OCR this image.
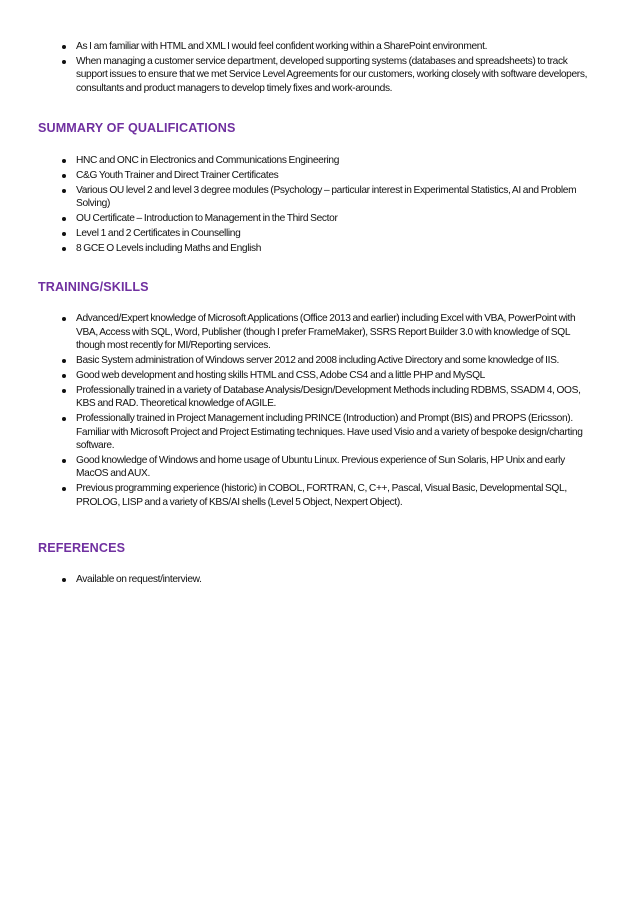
As I am familiar with HTML and XML I would feel confident working within a SharePoint environment.
When managing a customer service department, developed supporting systems (databases and spreadsheets) to track support issues to ensure that we met Service Level Agreements for our customers, working closely with software developers, consultants and product managers to develop timely fixes and work-arounds.
SUMMARY OF QUALIFICATIONS
HNC and ONC in Electronics and Communications Engineering
C&G Youth Trainer and Direct Trainer Certificates
Various OU level 2 and level 3 degree modules (Psychology – particular interest in Experimental Statistics, AI and Problem Solving)
OU Certificate – Introduction to Management in the Third Sector
Level 1 and 2 Certificates in Counselling
8 GCE O Levels including Maths and English
TRAINING/SKILLS
Advanced/Expert knowledge of Microsoft Applications (Office 2013 and earlier) including Excel with VBA, PowerPoint with VBA, Access with SQL, Word, Publisher (though I prefer FrameMaker), SSRS Report Builder 3.0 with knowledge of SQL though most recently for MI/Reporting services.
Basic System administration of Windows server 2012 and 2008 including Active Directory and some knowledge of IIS.
Good web development and hosting skills HTML and CSS, Adobe CS4 and a little PHP and MySQL
Professionally trained in a variety of Database Analysis/Design/Development Methods including RDBMS, SSADM 4, OOS, KBS and RAD. Theoretical knowledge of AGILE.
Professionally trained in Project Management including PRINCE (Introduction) and Prompt (BIS) and PROPS (Ericsson). Familiar with Microsoft Project and Project Estimating techniques. Have used Visio and a variety of bespoke design/charting software.
Good knowledge of Windows and home usage of Ubuntu Linux. Previous experience of Sun Solaris, HP Unix and early MacOS and AUX.
Previous programming experience (historic) in COBOL, FORTRAN, C, C++, Pascal, Visual Basic, Developmental SQL, PROLOG, LISP and a variety of KBS/AI shells (Level 5 Object, Nexpert Object).
REFERENCES
Available on request/interview.
